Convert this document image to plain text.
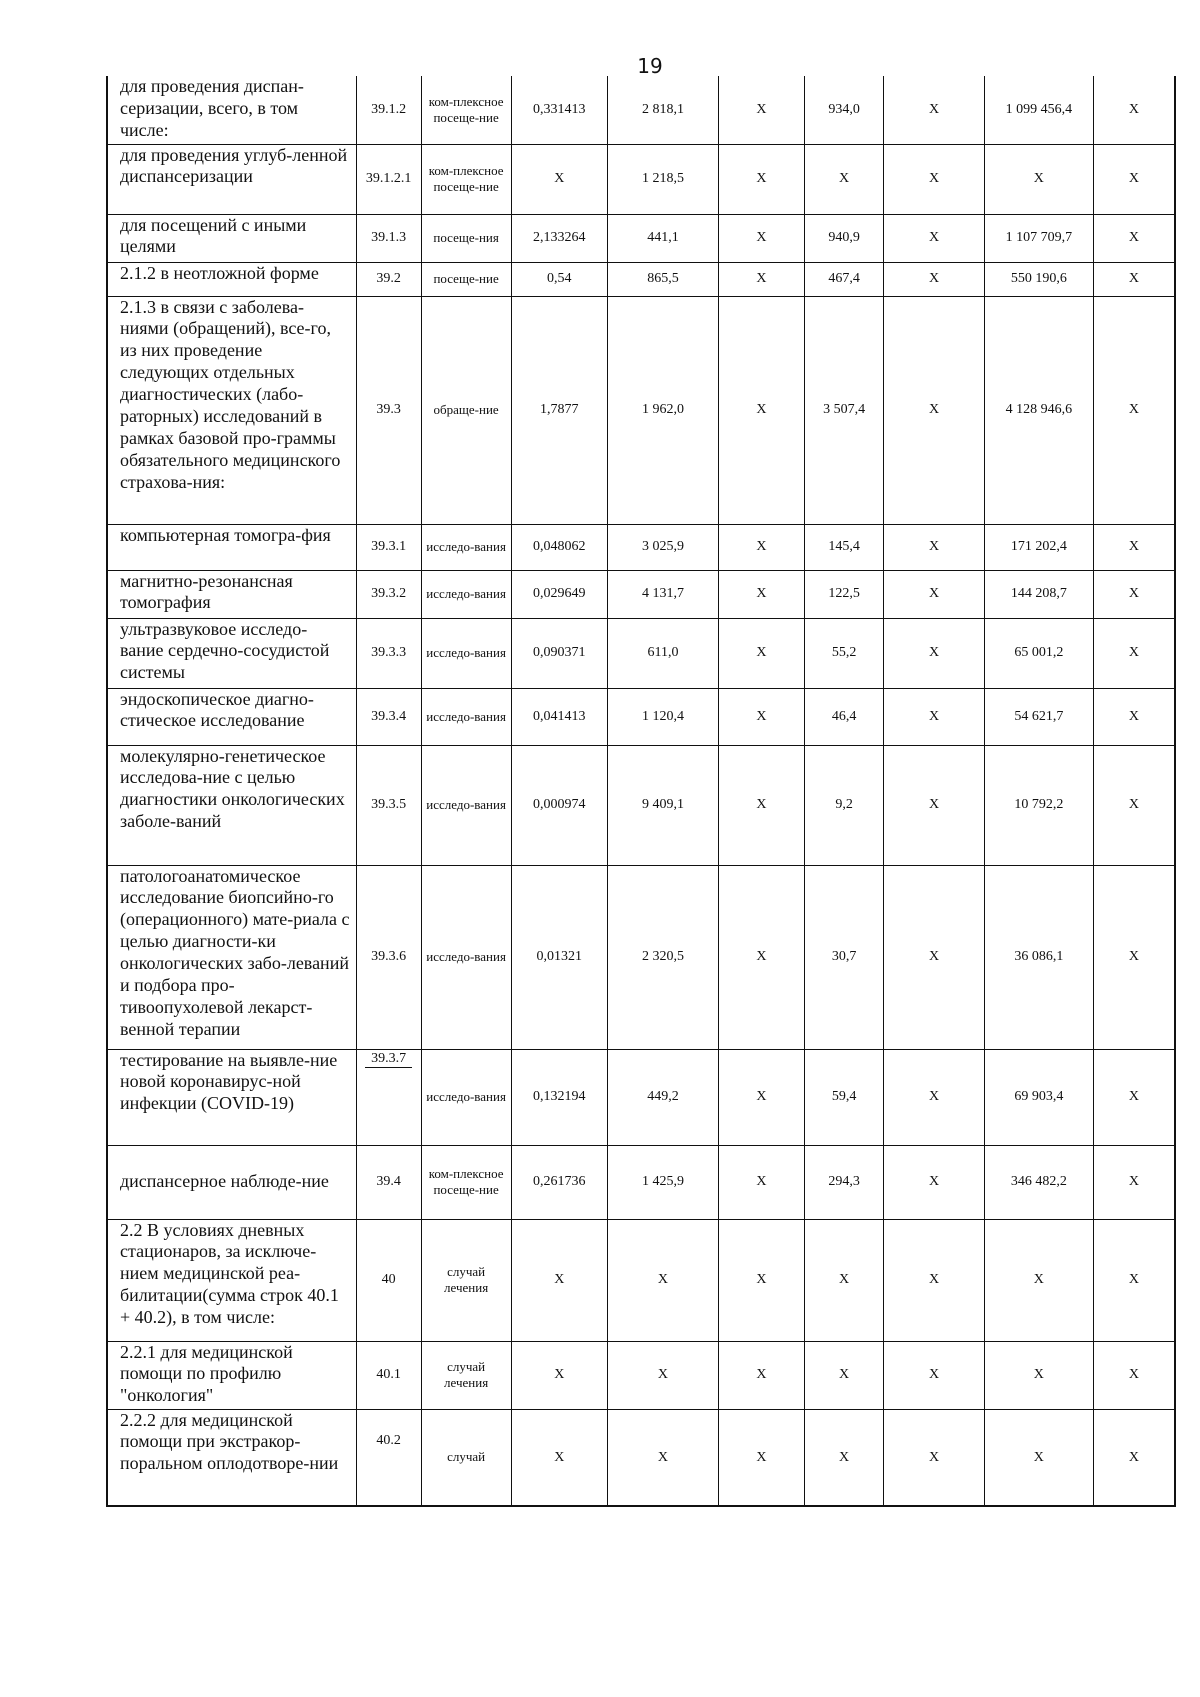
19
для проведения диспан-серизации, всего, в том числе:	39.1.2	ком-плексное посеще-ние	0,331413	2 818,1	Х	934,0	Х	1 099 456,4	Х
для проведения углуб-ленной диспансеризации	39.1.2.1	ком-плексное посеще-ние	Х	1 218,5	Х	Х	Х	Х	Х
для посещений с иными целями	39.1.3	посеще-ния	2,133264	441,1	Х	940,9	Х	1 107 709,7	Х
2.1.2 в неотложной форме	39.2	посеще-ние	0,54	865,5	Х	467,4	Х	550 190,6	Х
2.1.3 в связи с заболева-ниями (обращений), все-го, из них проведение следующих отдельных диагностических (лабо-раторных) исследований в рамках базовой про-граммы обязательного медицинского страхова-ния:	39.3	обраще-ние	1,7877	1 962,0	Х	3 507,4	Х	4 128 946,6	Х
компьютерная томогра-фия	39.3.1	исследо-вания	0,048062	3 025,9	Х	145,4	Х	171 202,4	Х
магнитно-резонансная томография	39.3.2	исследо-вания	0,029649	4 131,7	Х	122,5	Х	144 208,7	Х
ультразвуковое исследо-вание сердечно-сосудистой системы	39.3.3	исследо-вания	0,090371	611,0	Х	55,2	Х	65 001,2	Х
эндоскопическое диагно-стическое исследование	39.3.4	исследо-вания	0,041413	1 120,4	Х	46,4	Х	54 621,7	Х
молекулярно-генетическое исследова-ние с целью диагностики онкологических заболе-ваний	39.3.5	исследо-вания	0,000974	9 409,1	Х	9,2	Х	10 792,2	Х
патологоанатомическое исследование биопсийно-го (операционного) мате-риала с целью диагности-ки онкологических забо-леваний и подбора про-тивоопухолевой лекарст-венной терапии	39.3.6	исследо-вания	0,01321	2 320,5	Х	30,7	Х	36 086,1	Х
тестирование на выявле-ние новой коронавирус-ной инфекции (COVID-19)	39.3.7	исследо-вания	0,132194	449,2	Х	59,4	Х	69 903,4	Х
диспансерное наблюде-ние	39.4	ком-плексное посеще-ние	0,261736	1 425,9	Х	294,3	Х	346 482,2	Х
2.2 В условиях дневных стационаров, за исключе-нием медицинской реа-билитации(сумма строк 40.1 + 40.2), в том числе:	40	случай лечения	Х	Х	Х	Х	Х	Х	Х
2.2.1 для медицинской помощи по профилю "онкология"	40.1	случай лечения	Х	Х	Х	Х	Х	Х	Х
2.2.2 для медицинской помощи при экстракор-поральном оплодотворе-нии	40.2	случай	Х	Х	Х	Х	Х	Х	Х
